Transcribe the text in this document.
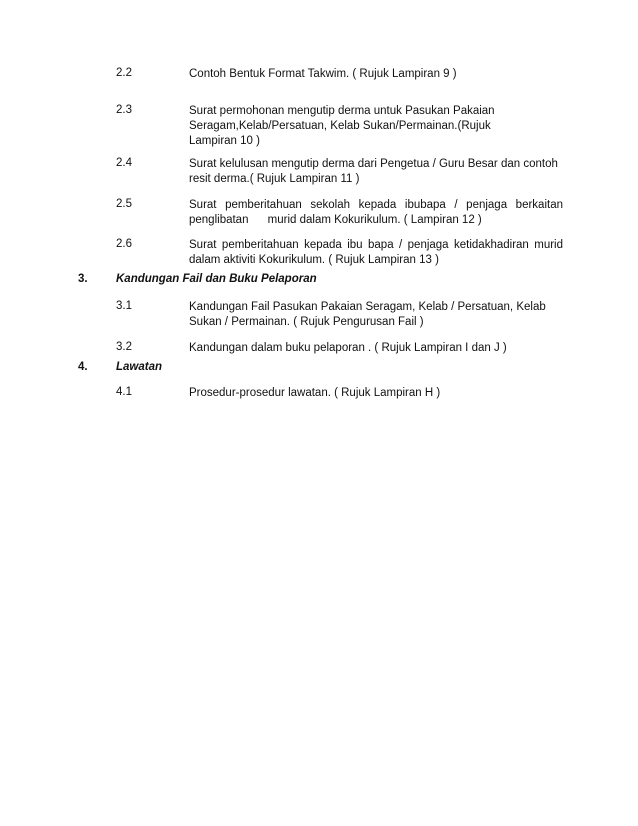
2.2	Contoh Bentuk Format Takwim. ( Rujuk Lampiran 9 )
2.3	Surat permohonan mengutip derma untuk Pasukan Pakaian
Seragam,Kelab/Persatuan, Kelab Sukan/Permainan.(Rujuk
Lampiran 10 )
2.4	Surat kelulusan mengutip derma dari Pengetua / Guru Besar dan contoh
resit derma.( Rujuk Lampiran 11 )
2.5	Surat pemberitahuan sekolah kepada ibubapa / penjaga berkaitan
penglibatan      murid dalam Kokurikulum. ( Lampiran 12 )
2.6	Surat pemberitahuan kepada ibu bapa / penjaga ketidakhadiran murid
dalam aktiviti Kokurikulum. ( Rujuk Lampiran 13 )
3. Kandungan Fail dan Buku Pelaporan
3.1	Kandungan Fail Pasukan Pakaian Seragam, Kelab / Persatuan, Kelab
Sukan / Permainan. ( Rujuk Pengurusan Fail )
3.2	Kandungan dalam buku pelaporan . ( Rujuk Lampiran I dan J )
4. Lawatan
4.1	Prosedur-prosedur lawatan. ( Rujuk Lampiran H )
